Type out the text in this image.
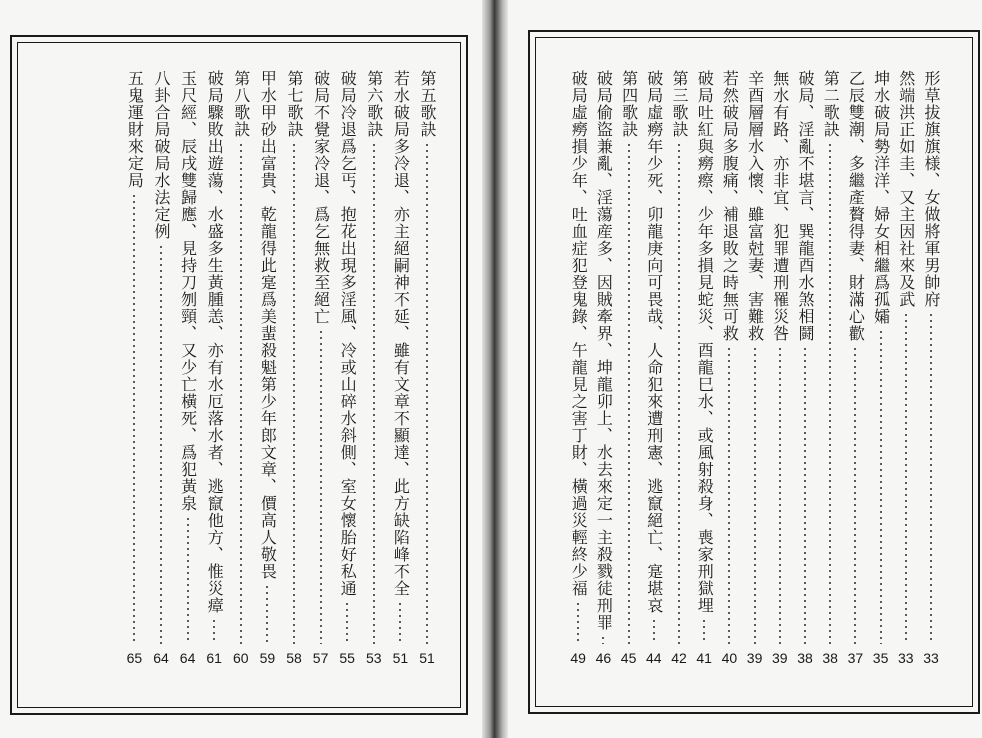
第五歌訣
51
若水破局多冷退、亦主絕嗣神不延、雖有文章不顯達、此方缺陷峰不全
51
第六歌訣
53
破局冷退爲乞丐、抱花出現多淫風、冷或山碎水斜側、室女懷胎好私通
55
破局不覺家冷退、爲乞無救至絕亡
57
第七歌訣
58
甲水甲砂出富貴、乾龍得此寔爲美蜚殺魁第少年郎文章、價高人敬畏
59
第八歌訣
60
破局驟敗出遊蕩、水盛多生黃腫恙、亦有水厄落水者、逃竄他方、惟災瘴
61
玉尺經、辰戌雙歸應、見持刀刎頸、又少亡橫死、爲犯黃泉
64
八卦合局破局水法定例
64
五鬼運財來定局
65
形草拔旗旗様、女做將軍男帥府
33
然端洪正如圭、又主因社來及武
33
坤水破局勢洋洋、婦女相繼爲孤孀
35
乙辰雙潮、多繼產贅得妻、財滿心歡
37
第二歌訣
38
破局、淫亂不堪言、巽龍酉水煞相鬪
38
無水有路、亦非宜、犯罪遭刑罹災咎
39
辛酉層層水入懷、雖富尅妻、害難救
39
若然破局多腹痛、補退敗之時無可救
40
破局吐紅與癆瘵、少年多損見蛇災、酉龍巳水、或風射殺身、喪家刑獄埋
41
第三歌訣
42
破局虛癆年少死、卯龍庚向可畏哉、人命犯來遭刑憲、逃竄絕亡、寔堪哀
44
第四歌訣
45
破局偷盜兼亂、淫蕩産多、因賊牽界、坤龍卯上、水去來定一主殺戮徒刑罪
46
破局虛癆損少年、吐血症犯登鬼錄、午龍見之害丁財、橫過災輕終少福
49
